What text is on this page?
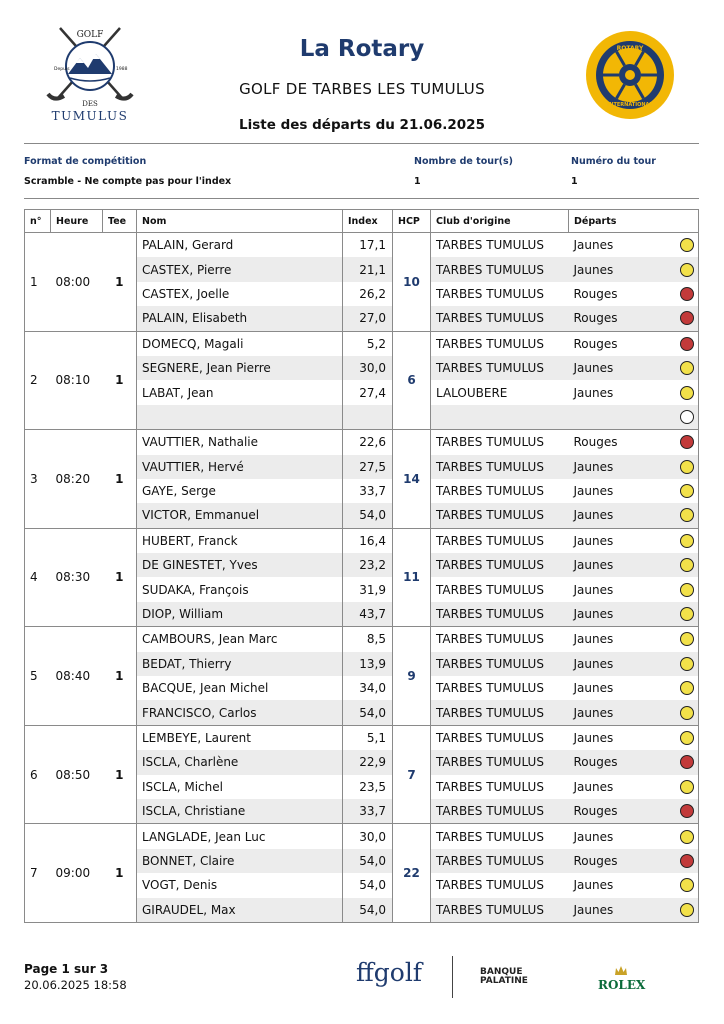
GOLF
Depuis	1988
DES
TUMULUS
La Rotary
GOLF DE TARBES LES TUMULUS
Liste des départs du 21.06.2025
ROTARY
INTERNATIONAL
Format de compétition
Scramble - Ne compte pas pour l'index
Nombre de tour(s)
1
Numéro du tour
1
n°	Heure	Tee	Nom	Index	HCP	Club d'origine	Départs
1	08:00	1	PALAIN, Gerard	17,1	10	TARBES TUMULUS	Jaunes

			CASTEX, Pierre	21,1		TARBES TUMULUS	Jaunes

			CASTEX, Joelle	26,2		TARBES TUMULUS	Rouges

			PALAIN, Elisabeth	27,0		TARBES TUMULUS	Rouges

2	08:10	1	DOMECQ, Magali	5,2	6	TARBES TUMULUS	Rouges

			SEGNERE, Jean Pierre	30,0		TARBES TUMULUS	Jaunes

			LABAT, Jean	27,4		LALOUBERE	Jaunes

3	08:20	1	VAUTTIER, Nathalie	22,6	14	TARBES TUMULUS	Rouges

			VAUTTIER, Hervé	27,5		TARBES TUMULUS	Jaunes

			GAYE, Serge	33,7		TARBES TUMULUS	Jaunes

			VICTOR, Emmanuel	54,0		TARBES TUMULUS	Jaunes

4	08:30	1	HUBERT, Franck	16,4	11	TARBES TUMULUS	Jaunes

			DE GINESTET, Yves	23,2		TARBES TUMULUS	Jaunes

			SUDAKA, François	31,9		TARBES TUMULUS	Jaunes

			DIOP, William	43,7		TARBES TUMULUS	Jaunes

5	08:40	1	CAMBOURS, Jean Marc	8,5	9	TARBES TUMULUS	Jaunes

			BEDAT, Thierry	13,9		TARBES TUMULUS	Jaunes

			BACQUE, Jean Michel	34,0		TARBES TUMULUS	Jaunes

			FRANCISCO, Carlos	54,0		TARBES TUMULUS	Jaunes

6	08:50	1	LEMBEYE, Laurent	5,1	7	TARBES TUMULUS	Jaunes

			ISCLA, Charlène	22,9		TARBES TUMULUS	Rouges

			ISCLA, Michel	23,5		TARBES TUMULUS	Jaunes

			ISCLA, Christiane	33,7		TARBES TUMULUS	Rouges

7	09:00	1	LANGLADE, Jean Luc	30,0	22	TARBES TUMULUS	Jaunes

			BONNET, Claire	54,0		TARBES TUMULUS	Rouges

			VOGT, Denis	54,0		TARBES TUMULUS	Jaunes

			GIRAUDEL, Max	54,0		TARBES TUMULUS	Jaunes
Page 1 sur 3
20.06.2025 18:58	ffgolf	BANQUE PALATINE	ROLEX
